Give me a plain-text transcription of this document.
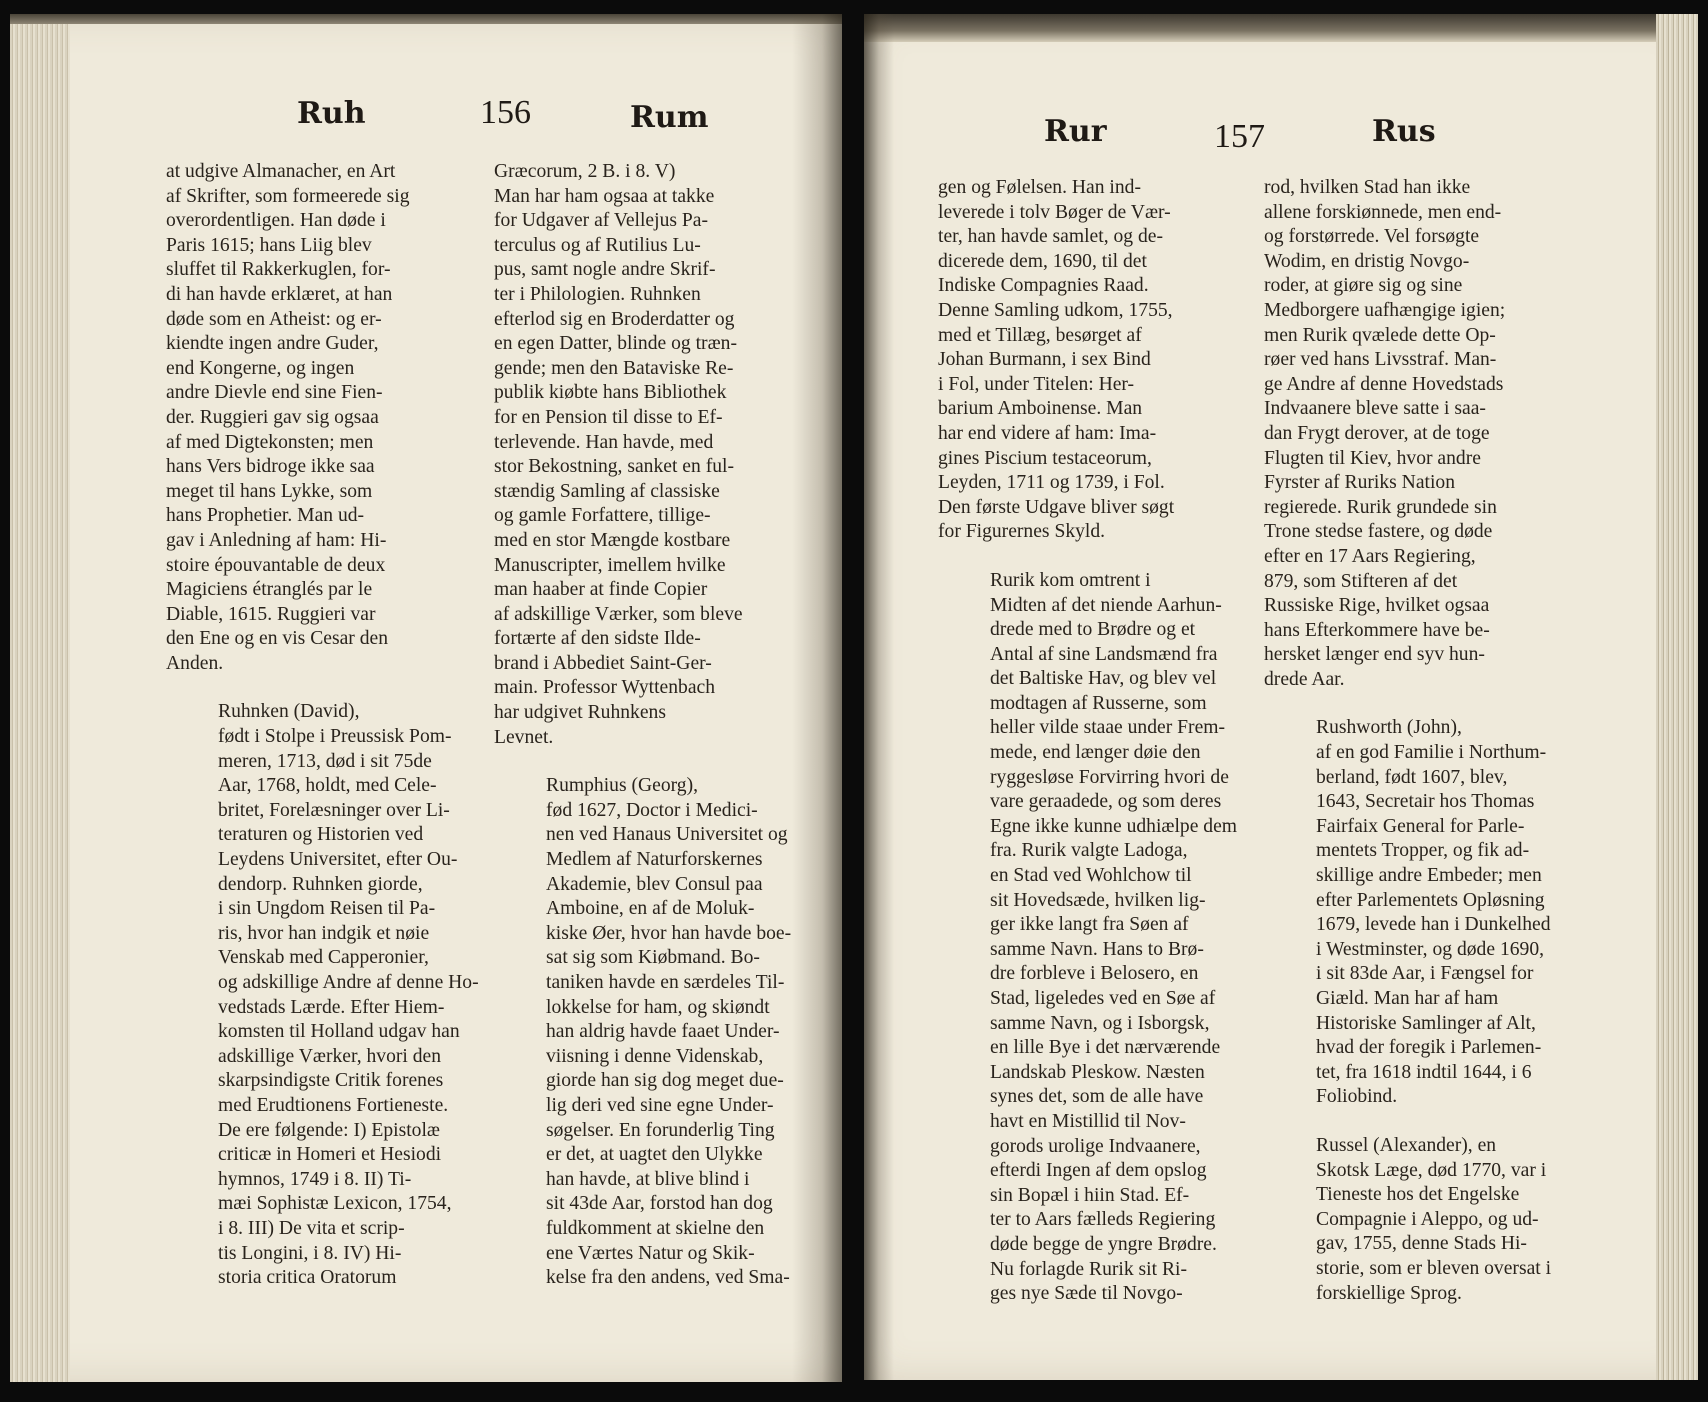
Ruh	156	Rum

at udgive Almanacher, en Art
af Skrifter, som formeerede sig
overordentligen. Han døde i
Paris 1615; hans Liig blev
sluffet til Rakkerkuglen, for-
di han havde erklæret, at han
døde som en Atheist: og er-
kiendte ingen andre Guder,
end Kongerne, og ingen
andre Dievle end sine Fien-
der. Ruggieri gav sig ogsaa
af med Digtekonsten; men
hans Vers bidroge ikke saa
meget til hans Lykke, som
hans Prophetier. Man ud-
gav i Anledning af ham: Hi-
stoire épouvantable de deux
Magiciens étranglés par le
Diable, 1615. Ruggieri var
den Ene og en vis Cesar den
Anden.

Ruhnken (David),
født i Stolpe i Preussisk Pom-
meren, 1713, død i sit 75de
Aar, 1768, holdt, med Cele-
britet, Forelæsninger over Li-
teraturen og Historien ved
Leydens Universitet, efter Ou-
dendorp. Ruhnken giorde,
i sin Ungdom Reisen til Pa-
ris, hvor han indgik et nøie
Venskab med Capperonier,
og adskillige Andre af denne Ho-
vedstads Lærde. Efter Hiem-
komsten til Holland udgav han
adskillige Værker, hvori den
skarpsindigste Critik forenes
med Erudtionens Fortieneste.
De ere følgende: I) Epistolæ
criticæ in Homeri et Hesiodi
hymnos, 1749 i 8. II) Ti-
mæi Sophistæ Lexicon, 1754,
i 8. III) De vita et scrip-
tis Longini, i 8. IV) Hi-
storia critica Oratorum

Græcorum, 2 B. i 8. V)
Man har ham ogsaa at takke
for Udgaver af Vellejus Pa-
terculus og af Rutilius Lu-
pus, samt nogle andre Skrif-
ter i Philologien. Ruhnken
efterlod sig en Broderdatter og
en egen Datter, blinde og træn-
gende; men den Bataviske Re-
publik kiøbte hans Bibliothek
for en Pension til disse to Ef-
terlevende. Han havde, med
stor Bekostning, sanket en ful-
stændig Samling af classiske
og gamle Forfattere, tillige-
med en stor Mængde kostbare
Manuscripter, imellem hvilke
man haaber at finde Copier
af adskillige Værker, som bleve
fortærte af den sidste Ilde-
brand i Abbediet Saint-Ger-
main. Professor Wyttenbach
har udgivet Ruhnkens
Levnet.

Rumphius (Georg),
fød 1627, Doctor i Medici-
nen ved Hanaus Universitet og
Medlem af Naturforskernes
Akademie, blev Consul paa
Amboine, en af de Moluk-
kiske Øer, hvor han havde boe-
sat sig som Kiøbmand. Bo-
taniken havde en særdeles Til-
lokkelse for ham, og skiøndt
han aldrig havde faaet Under-
viisning i denne Videnskab,
giorde han sig dog meget due-
lig deri ved sine egne Under-
søgelser. En forunderlig Ting
er det, at uagtet den Ulykke
han havde, at blive blind i
sit 43de Aar, forstod han dog
fuldkomment at skielne den
ene Værtes Natur og Skik-
kelse fra den andens, ved Sma-

Rur	157	Rus

gen og Følelsen. Han ind-
leverede i tolv Bøger de Vær-
ter, han havde samlet, og de-
dicerede dem, 1690, til det
Indiske Compagnies Raad.
Denne Samling udkom, 1755,
med et Tillæg, besørget af
Johan Burmann, i sex Bind
i Fol, under Titelen: Her-
barium Amboinense. Man
har end videre af ham: Ima-
gines Piscium testaceorum,
Leyden, 1711 og 1739, i Fol.
Den første Udgave bliver søgt
for Figurernes Skyld.

Rurik kom omtrent i
Midten af det niende Aarhun-
drede med to Brødre og et
Antal af sine Landsmænd fra
det Baltiske Hav, og blev vel
modtagen af Russerne, som
heller vilde staae under Frem-
mede, end længer døie den
ryggesløse Forvirring hvori de
vare geraadede, og som deres
Egne ikke kunne udhiælpe dem
fra. Rurik valgte Ladoga,
en Stad ved Wohlchow til
sit Hovedsæde, hvilken lig-
ger ikke langt fra Søen af
samme Navn. Hans to Brø-
dre forbleve i Belosero, en
Stad, ligeledes ved en Søe af
samme Navn, og i Isborgsk,
en lille Bye i det nærværende
Landskab Pleskow. Næsten
synes det, som de alle have
havt en Mistillid til Nov-
gorods urolige Indvaanere,
efterdi Ingen af dem opslog
sin Bopæl i hiin Stad. Ef-
ter to Aars fælleds Regiering
døde begge de yngre Brødre.
Nu forlagde Rurik sit Ri-
ges nye Sæde til Novgo-

rod, hvilken Stad han ikke
allene forskiønnede, men end-
og forstørrede. Vel forsøgte
Wodim, en dristig Novgo-
roder, at giøre sig og sine
Medborgere uafhængige igien;
men Rurik qvælede dette Op-
røer ved hans Livsstraf. Man-
ge Andre af denne Hovedstads
Indvaanere bleve satte i saa-
dan Frygt derover, at de toge
Flugten til Kiev, hvor andre
Fyrster af Ruriks Nation
regierede. Rurik grundede sin
Trone stedse fastere, og døde
efter en 17 Aars Regiering,
879, som Stifteren af det
Russiske Rige, hvilket ogsaa
hans Efterkommere have be-
hersket længer end syv hun-
drede Aar.

Rushworth (John),
af en god Familie i Northum-
berland, født 1607, blev,
1643, Secretair hos Thomas
Fairfaix General for Parle-
mentets Tropper, og fik ad-
skillige andre Embeder; men
efter Parlementets Opløsning
1679, levede han i Dunkelhed
i Westminster, og døde 1690,
i sit 83de Aar, i Fængsel for
Giæld. Man har af ham
Historiske Samlinger af Alt,
hvad der foregik i Parlemen-
tet, fra 1618 indtil 1644, i 6
Foliobind.

Russel (Alexander), en
Skotsk Læge, død 1770, var i
Tieneste hos det Engelske
Compagnie i Aleppo, og ud-
gav, 1755, denne Stads Hi-
storie, som er bleven oversat i
forskiellige Sprog.
